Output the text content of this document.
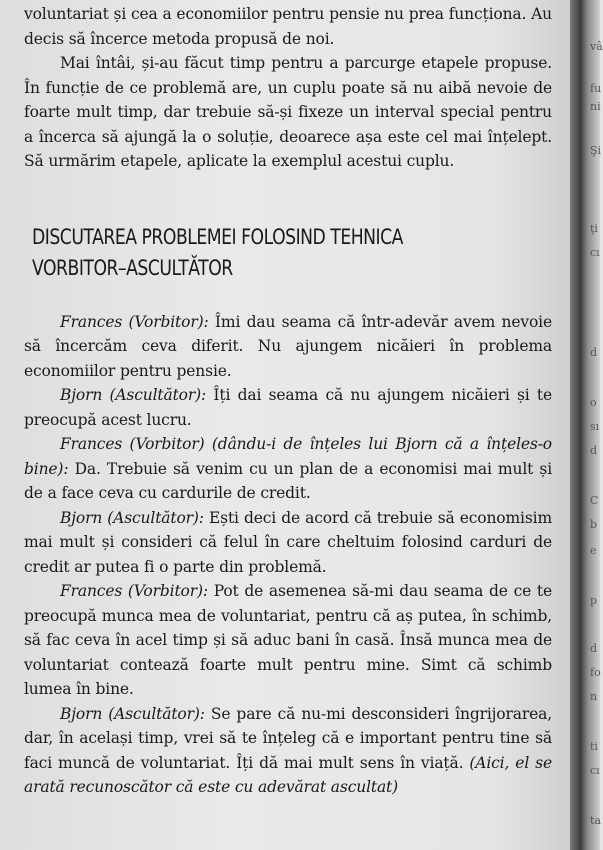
voluntariat și cea a economiilor pentru pensie nu prea funcționa. Au decis să încerce metoda propusă de noi.

Mai întâi, și-au făcut timp pentru a parcurge etapele propuse. În funcție de ce problemă are, un cuplu poate să nu aibă nevoie de foarte mult timp, dar trebuie să-și fixeze un interval special pentru a încerca să ajungă la o soluție, deoarece așa este cel mai înțelept. Să urmărim etapele, aplicate la exemplul acestui cuplu.

DISCUTAREA PROBLEMEI FOLOSIND TEHNICA
VORBITOR–ASCULTĂTOR

Frances (Vorbitor): Îmi dau seama că într-adevăr avem nevoie să încercăm ceva diferit. Nu ajungem nicăieri în problema economiilor pentru pensie.

Bjorn (Ascultător): Îți dai seama că nu ajungem nicăieri și te preocupă acest lucru.

Frances (Vorbitor) (dându-i de înțeles lui Bjorn că a înțeles-o bine): Da. Trebuie să venim cu un plan de a economisi mai mult și de a face ceva cu cardurile de credit.

Bjorn (Ascultător): Ești deci de acord că trebuie să economisim mai mult și consideri că felul în care cheltuim folosind carduri de credit ar putea fi o parte din problemă.

Frances (Vorbitor): Pot de asemenea să-mi dau seama de ce te preocupă munca mea de voluntariat, pentru că aș putea, în schimb, să fac ceva în acel timp și să aduc bani în casă. Însă munca mea de voluntariat contează foarte mult pentru mine. Simt că schimb lumea în bine.

Bjorn (Ascultător): Se pare că nu-mi desconsideri îngrijorarea, dar, în același timp, vrei să te înțeleg că e important pentru tine să faci muncă de voluntariat. Îți dă mai mult sens în viață. (Aici, el se arată recunoscător că este cu adevărat ascultat)

vâ
fu
ni
Şi
ţi
cı
d
o
sı
d
C
b
e
p
d
fo
n
ti
cı
ta
